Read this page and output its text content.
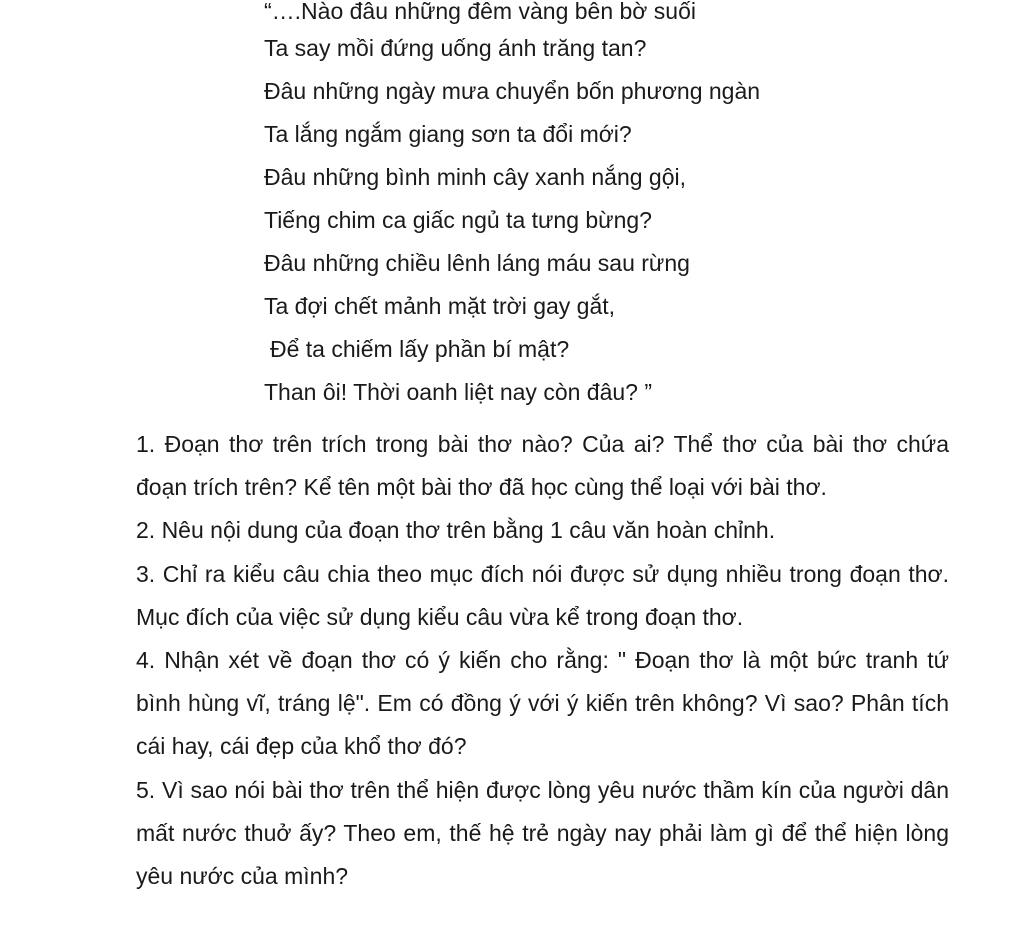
“….Nào đâu những đêm vàng bên bờ suối

Ta say mồi đứng uống ánh trăng tan?

Đâu những ngày mưa chuyển bốn phương ngàn

Ta lắng ngắm giang sơn ta đổi mới?

Đâu những bình minh cây xanh nắng gội,

Tiếng chim ca giấc ngủ ta tưng bừng?

Đâu những chiều lênh láng máu sau rừng

Ta đợi chết mảnh mặt trời gay gắt,

Để ta chiếm lấy phần bí mật?

Than ôi! Thời oanh liệt nay còn đâu? ”

1. Đoạn thơ trên trích trong bài thơ nào? Của ai? Thể thơ của bài thơ chứa đoạn trích trên? Kể tên một bài thơ đã học cùng thể loại với bài thơ.

2. Nêu nội dung của đoạn thơ trên bằng 1 câu văn hoàn chỉnh.

3. Chỉ ra kiểu câu chia theo mục đích nói được sử dụng nhiều trong đoạn thơ. Mục đích của việc sử dụng kiểu câu vừa kể trong đoạn thơ.

4. Nhận xét về đoạn thơ có ý kiến cho rằng: " Đoạn thơ là một bức tranh tứ bình hùng vĩ, tráng lệ". Em có đồng ý với ý kiến trên không? Vì sao? Phân tích cái hay, cái đẹp của khổ thơ đó?

5. Vì sao nói bài thơ trên thể hiện được lòng yêu nước thầm kín của người dân mất nước thuở ấy? Theo em, thế hệ trẻ ngày nay phải làm gì để thể hiện lòng yêu nước của mình?
